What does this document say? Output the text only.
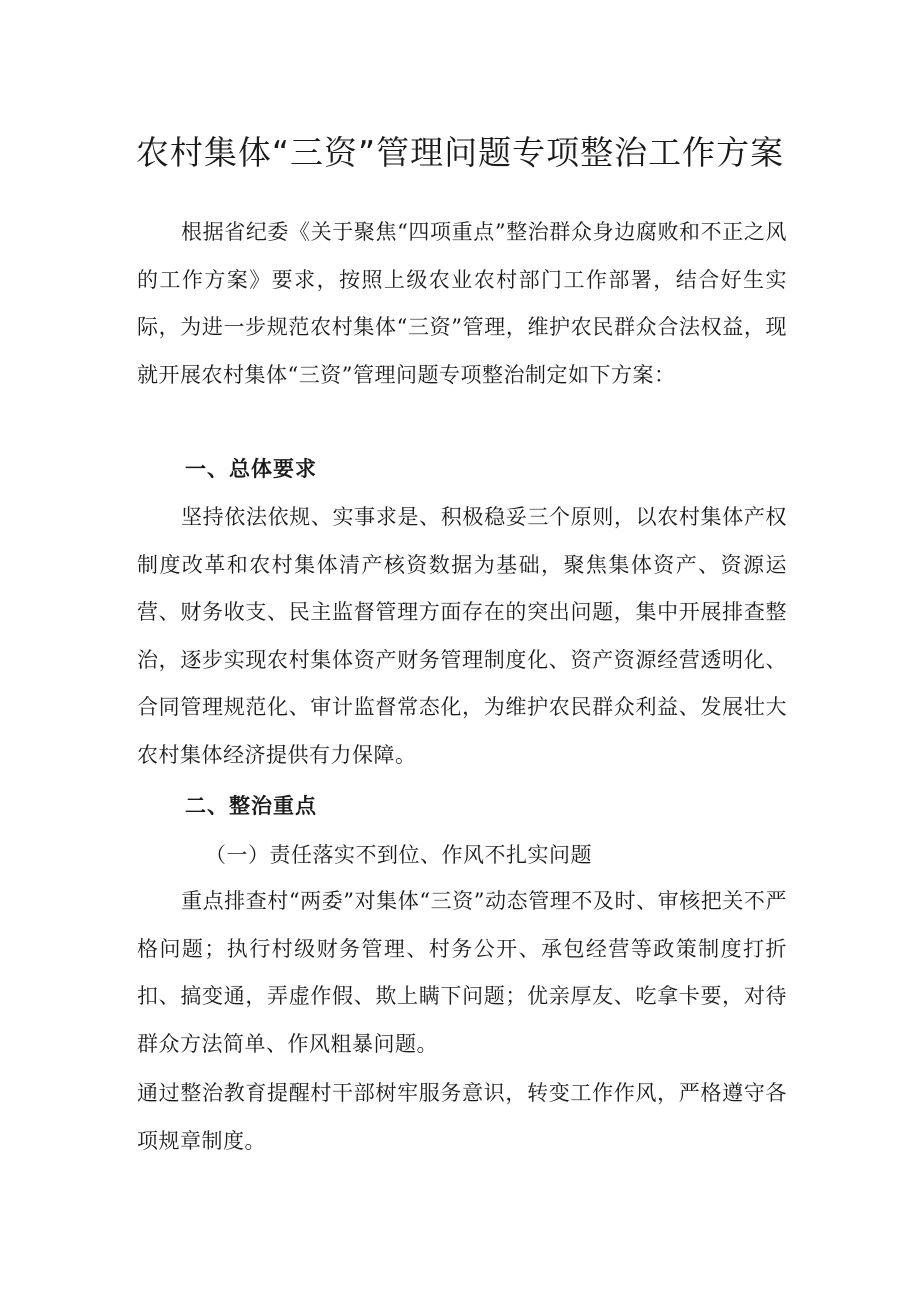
农村集体“三资”管理问题专项整治工作方案

根据省纪委《关于聚焦“四项重点”整治群众身边腐败和不正之风的工作方案》要求，按照上级农业农村部门工作部署，结合好生实际，为进一步规范农村集体“三资”管理，维护农民群众合法权益，现就开展农村集体“三资”管理问题专项整治制定如下方案：

一、总体要求

坚持依法依规、实事求是、积极稳妥三个原则，以农村集体产权制度改革和农村集体清产核资数据为基础，聚焦集体资产、资源运营、财务收支、民主监督管理方面存在的突出问题，集中开展排查整治，逐步实现农村集体资产财务管理制度化、资产资源经营透明化、合同管理规范化、审计监督常态化，为维护农民群众利益、发展壮大农村集体经济提供有力保障。

二、整治重点

（一）责任落实不到位、作风不扎实问题

重点排查村“两委”对集体“三资”动态管理不及时、审核把关不严格问题；执行村级财务管理、村务公开、承包经营等政策制度打折扣、搞变通，弄虚作假、欺上瞒下问题；优亲厚友、吃拿卡要，对待群众方法简单、作风粗暴问题。

通过整治教育提醒村干部树牢服务意识，转变工作作风，严格遵守各项规章制度。
